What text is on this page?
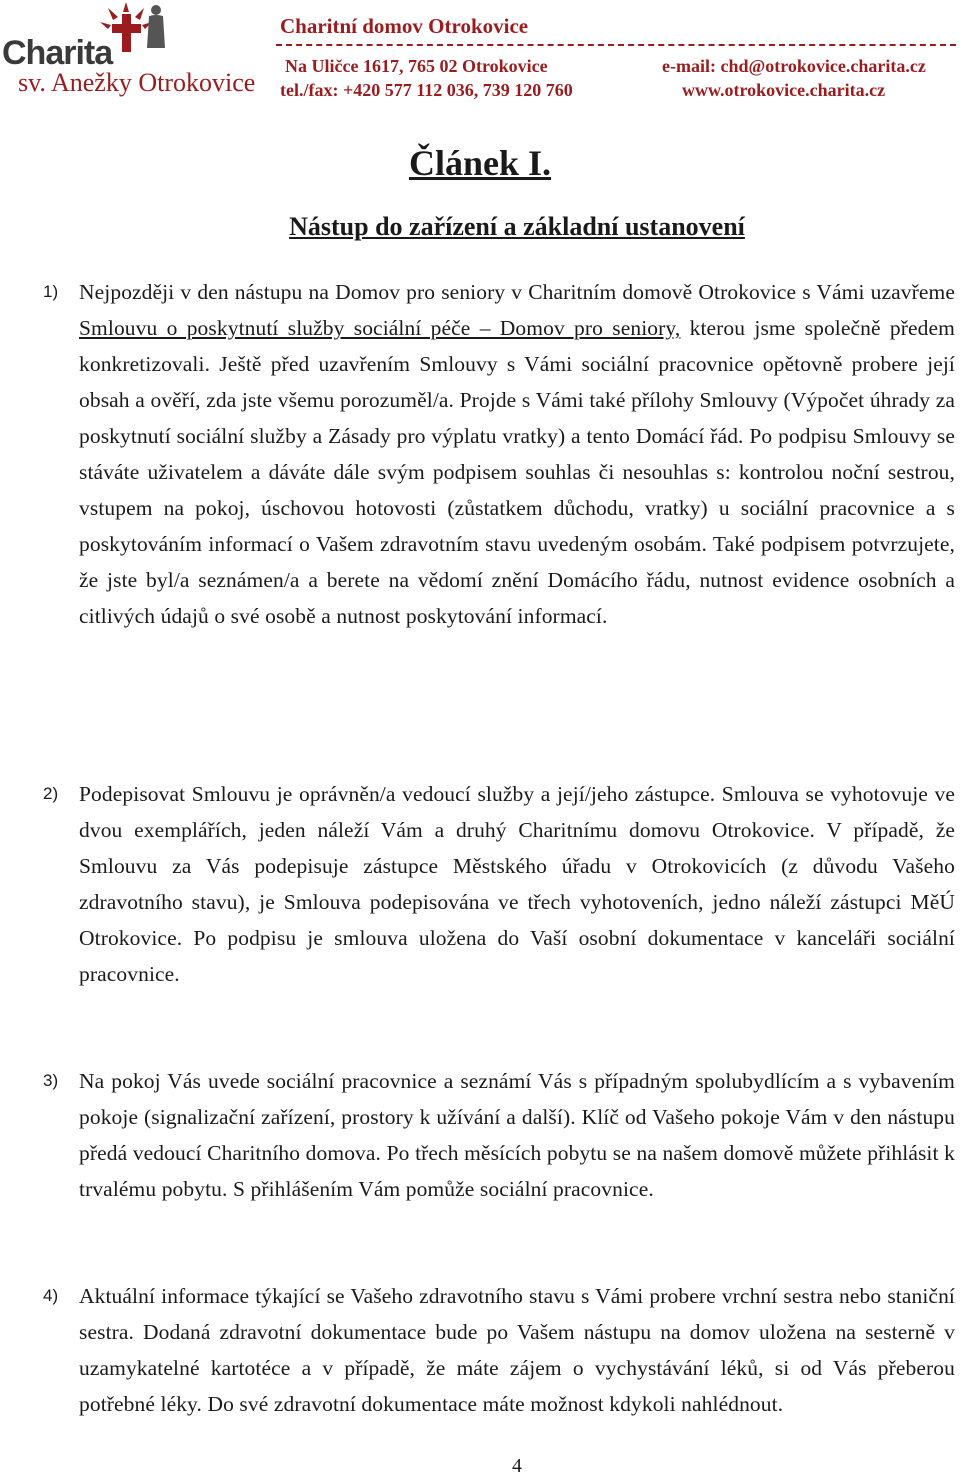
Charita
sv. Anežky Otrokovice
Charitní domov Otrokovice
Na Uličce 1617, 765 02 Otrokovice
tel./fax: +420 577 112 036, 739 120 760
e-mail: chd@otrokovice.charita.cz
www.otrokovice.charita.cz
Článek I.
Nástup do zařízení a základní ustanovení
1) Nejpozději v den nástupu na Domov pro seniory v Charitním domově Otrokovice s Vámi uzavřeme Smlouvu o poskytnutí služby sociální péče – Domov pro seniory, kterou jsme společně předem konkretizovali. Ještě před uzavřením Smlouvy s Vámi sociální pracovnice opětovně probere její obsah a ověří, zda jste všemu porozuměl/a. Projde s Vámi také přílohy Smlouvy (Výpočet úhrady za poskytnutí sociální služby a Zásady pro výplatu vratky) a tento Domácí řád. Po podpisu Smlouvy se stáváte uživatelem a dáváte dále svým podpisem souhlas či nesouhlas s: kontrolou noční sestrou, vstupem na pokoj, úschovou hotovosti (zůstatkem důchodu, vratky) u sociální pracovnice a s poskytováním informací o Vašem zdravotním stavu uvedeným osobám. Také podpisem potvrzujete, že jste byl/a seznámen/a a berete na vědomí znění Domácího řádu, nutnost evidence osobních a citlivých údajů o své osobě a nutnost poskytování informací.
2) Podepisovat Smlouvu je oprávněn/a vedoucí služby a její/jeho zástupce. Smlouva se vyhotovuje ve dvou exemplářích, jeden náleží Vám a druhý Charitnímu domovu Otrokovice. V případě, že Smlouvu za Vás podepisuje zástupce Městského úřadu v Otrokovicích (z důvodu Vašeho zdravotního stavu), je Smlouva podepisována ve třech vyhotoveních, jedno náleží zástupci MěÚ Otrokovice. Po podpisu je smlouva uložena do Vaší osobní dokumentace v kanceláři sociální pracovnice.
3) Na pokoj Vás uvede sociální pracovnice a seznámí Vás s případným spolubydlícím a s vybavením pokoje (signalizační zařízení, prostory k užívání a další). Klíč od Vašeho pokoje Vám v den nástupu předá vedoucí Charitního domova. Po třech měsících pobytu se na našem domově můžete přihlásit k trvalému pobytu. S přihlášením Vám pomůže sociální pracovnice.
4) Aktuální informace týkající se Vašeho zdravotního stavu s Vámi probere vrchní sestra nebo staniční sestra. Dodaná zdravotní dokumentace bude po Vašem nástupu na domov uložena na sesterně v uzamykatelné kartotéce a v případě, že máte zájem o vychystávání léků, si od Vás přeberou potřebné léky. Do své zdravotní dokumentace máte možnost kdykoli nahlédnout.
4
